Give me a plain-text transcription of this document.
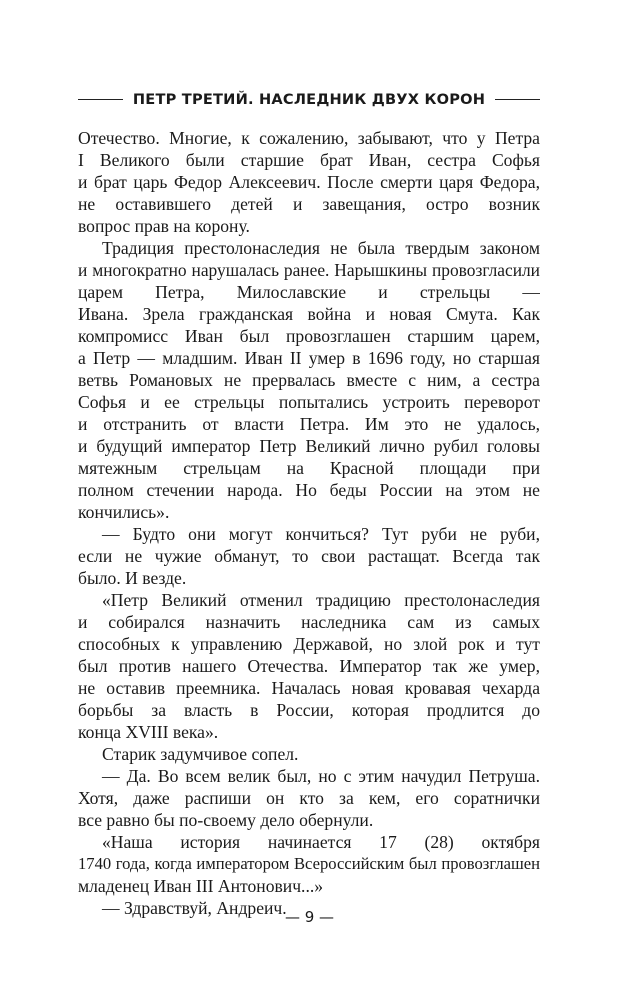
ПЕТР ТРЕТИЙ. НАСЛЕДНИК ДВУХ КОРОН
Отечество. Многие, к сожалению, забывают, что у Петра
I Великого были старшие брат Иван, сестра Софья
и брат царь Федор Алексеевич. После смерти царя Федора,
не оставившего детей и завещания, остро возник
вопрос прав на корону.
Традиция престолонаследия не была твердым законом
и многократно нарушалась ранее. Нарышкины провозгласили
царем Петра, Милославские и стрельцы —
Ивана. Зрела гражданская война и новая Смута. Как
компромисс Иван был провозглашен старшим царем,
а Петр — младшим. Иван II умер в 1696 году, но старшая
ветвь Романовых не прервалась вместе с ним, а сестра
Софья и ее стрельцы попытались устроить переворот
и отстранить от власти Петра. Им это не удалось,
и будущий император Петр Великий лично рубил головы
мятежным стрельцам на Красной площади при
полном стечении народа. Но беды России на этом не
кончились».
— Будто они могут кончиться? Тут руби не руби,
если не чужие обманут, то свои растащат. Всегда так
было. И везде.
«Петр Великий отменил традицию престолонаследия
и собирался назначить наследника сам из самых
способных к управлению Державой, но злой рок и тут
был против нашего Отечества. Император так же умер,
не оставив преемника. Началась новая кровавая чехарда
борьбы за власть в России, которая продлится до
конца XVIII века».
Старик задумчивое сопел.
— Да. Во всем велик был, но с этим начудил Петруша.
Хотя, даже распиши он кто за кем, его соратнички
все равно бы по-своему дело обернули.
«Наша история начинается 17 (28) октября
1740 года, когда императором Всероссийским был провозглашен
младенец Иван III Антонович...»
— Здравствуй, Андреич.
— 9 —
